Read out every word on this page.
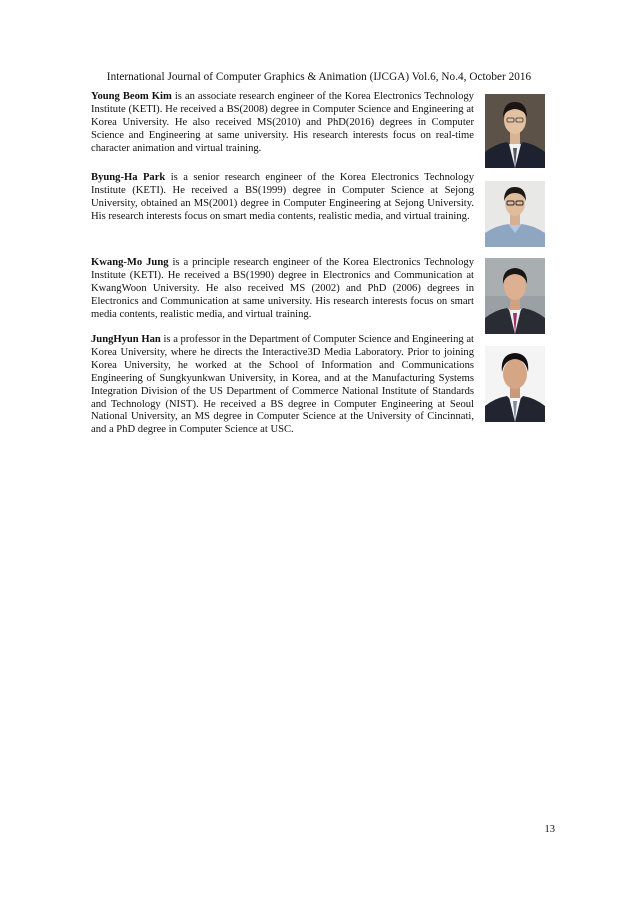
International Journal of Computer Graphics & Animation (IJCGA) Vol.6, No.4, October 2016
Young Beom Kim is an associate research engineer of the Korea Electronics Technology Institute (KETI). He received a BS(2008) degree in Computer Science and Engineering at Korea University. He also received MS(2010) and PhD(2016) degrees in Computer Science and Engineering at same university. His research interests focus on real-time character animation and virtual training.
Byung-Ha Park is a senior research engineer of the Korea Electronics Technology Institute (KETI). He received a BS(1999) degree in Computer Science at Sejong University, obtained an MS(2001) degree in Computer Engineering at Sejong University. His research interests focus on smart media contents, realistic media, and virtual training.
Kwang-Mo Jung is a principle research engineer of the Korea Electronics Technology Institute (KETI). He received a BS(1990) degree in Electronics and Communication at KwangWoon University. He also received MS (2002) and PhD (2006) degrees in Electronics and Communication at same university. His research interests focus on smart media contents, realistic media, and virtual training.
JungHyun Han is a professor in the Department of Computer Science and Engineering at Korea University, where he directs the Interactive3D Media Laboratory. Prior to joining Korea University, he worked at the School of Information and Communications Engineering of Sungkyunkwan University, in Korea, and at the Manufacturing Systems Integration Division of the US Department of Commerce National Institute of Standards and Technology (NIST). He received a BS degree in Computer Engineering at Seoul National University, an MS degree in Computer Science at the University of Cincinnati, and a PhD degree in Computer Science at USC.
13
